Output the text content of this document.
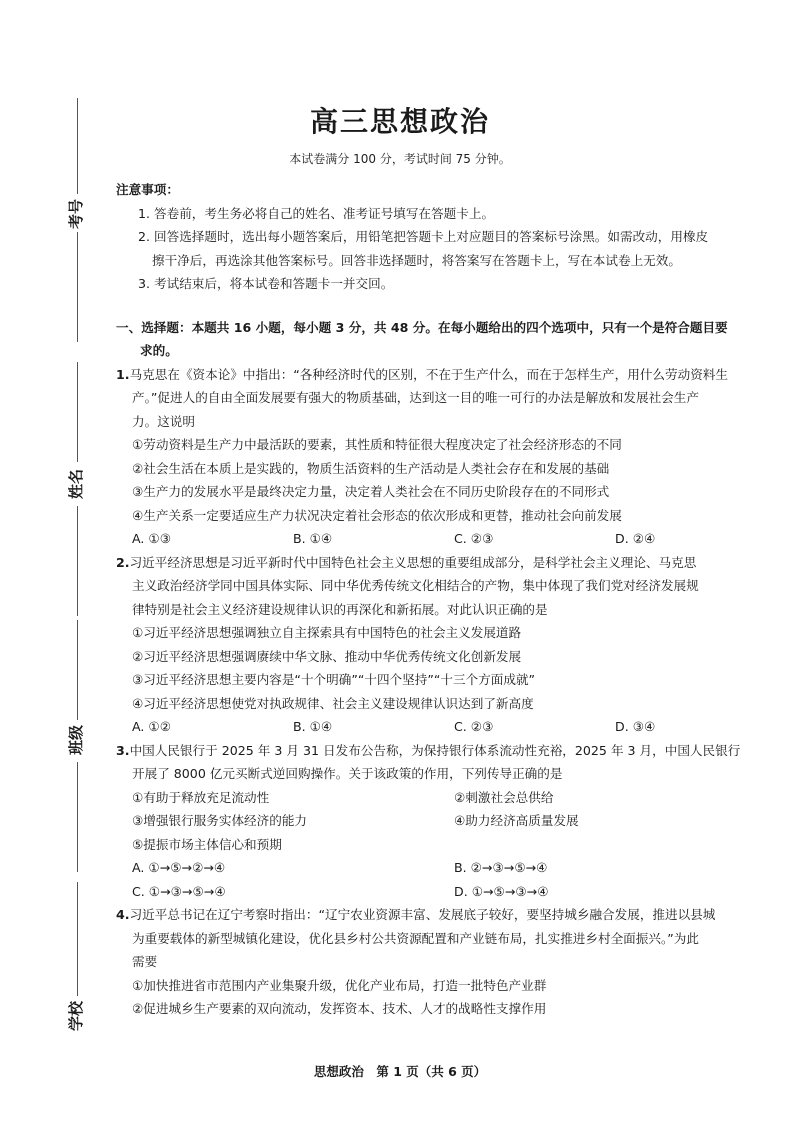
考号
姓名
班级
学校
高三思想政治
本试卷满分 100 分，考试时间 75 分钟。
注意事项：
1. 答卷前，考生务必将自己的姓名、准考证号填写在答题卡上。
2. 回答选择题时，选出每小题答案后，用铅笔把答题卡上对应题目的答案标号涂黑。如需改动，用橡皮
擦干净后，再选涂其他答案标号。回答非选择题时，将答案写在答题卡上，写在本试卷上无效。
3. 考试结束后，将本试卷和答题卡一并交回。
一、选择题：本题共 16 小题，每小题 3 分，共 48 分。在每小题给出的四个选项中，只有一个是符合题目要
求的。
1.马克思在《资本论》中指出：“各种经济时代的区别，不在于生产什么，而在于怎样生产，用什么劳动资料生
产。”促进人的自由全面发展要有强大的物质基础，达到这一目的唯一可行的办法是解放和发展社会生产
力。这说明
①劳动资料是生产力中最活跃的要素，其性质和特征很大程度决定了社会经济形态的不同
②社会生活在本质上是实践的，物质生活资料的生产活动是人类社会存在和发展的基础
③生产力的发展水平是最终决定力量，决定着人类社会在不同历史阶段存在的不同形式
④生产关系一定要适应生产力状况决定着社会形态的依次形成和更替，推动社会向前发展
A. ①③	B. ①④	C. ②③	D. ②④
2.习近平经济思想是习近平新时代中国特色社会主义思想的重要组成部分，是科学社会主义理论、马克思
主义政治经济学同中国具体实际、同中华优秀传统文化相结合的产物，集中体现了我们党对经济发展规
律特别是社会主义经济建设规律认识的再深化和新拓展。对此认识正确的是
①习近平经济思想强调独立自主探索具有中国特色的社会主义发展道路
②习近平经济思想强调赓续中华文脉、推动中华优秀传统文化创新发展
③习近平经济思想主要内容是“十个明确”“十四个坚持”“十三个方面成就”
④习近平经济思想使党对执政规律、社会主义建设规律认识达到了新高度
A. ①②	B. ①④	C. ②③	D. ③④
3.中国人民银行于 2025 年 3 月 31 日发布公告称，为保持银行体系流动性充裕，2025 年 3 月，中国人民银行
开展了 8000 亿元买断式逆回购操作。关于该政策的作用，下列传导正确的是
①有助于释放充足流动性	②刺激社会总供给
③增强银行服务实体经济的能力	④助力经济高质量发展
⑤提振市场主体信心和预期
A. ①→⑤→②→④	B. ②→③→⑤→④
C. ①→③→⑤→④	D. ①→⑤→③→④
4.习近平总书记在辽宁考察时指出：“辽宁农业资源丰富、发展底子较好，要坚持城乡融合发展，推进以县城
为重要载体的新型城镇化建设，优化县乡村公共资源配置和产业链布局，扎实推进乡村全面振兴。”为此
需要
①加快推进省市范围内产业集聚升级，优化产业布局，打造一批特色产业群
②促进城乡生产要素的双向流动，发挥资本、技术、人才的战略性支撑作用
思想政治　第 1 页（共 6 页）
